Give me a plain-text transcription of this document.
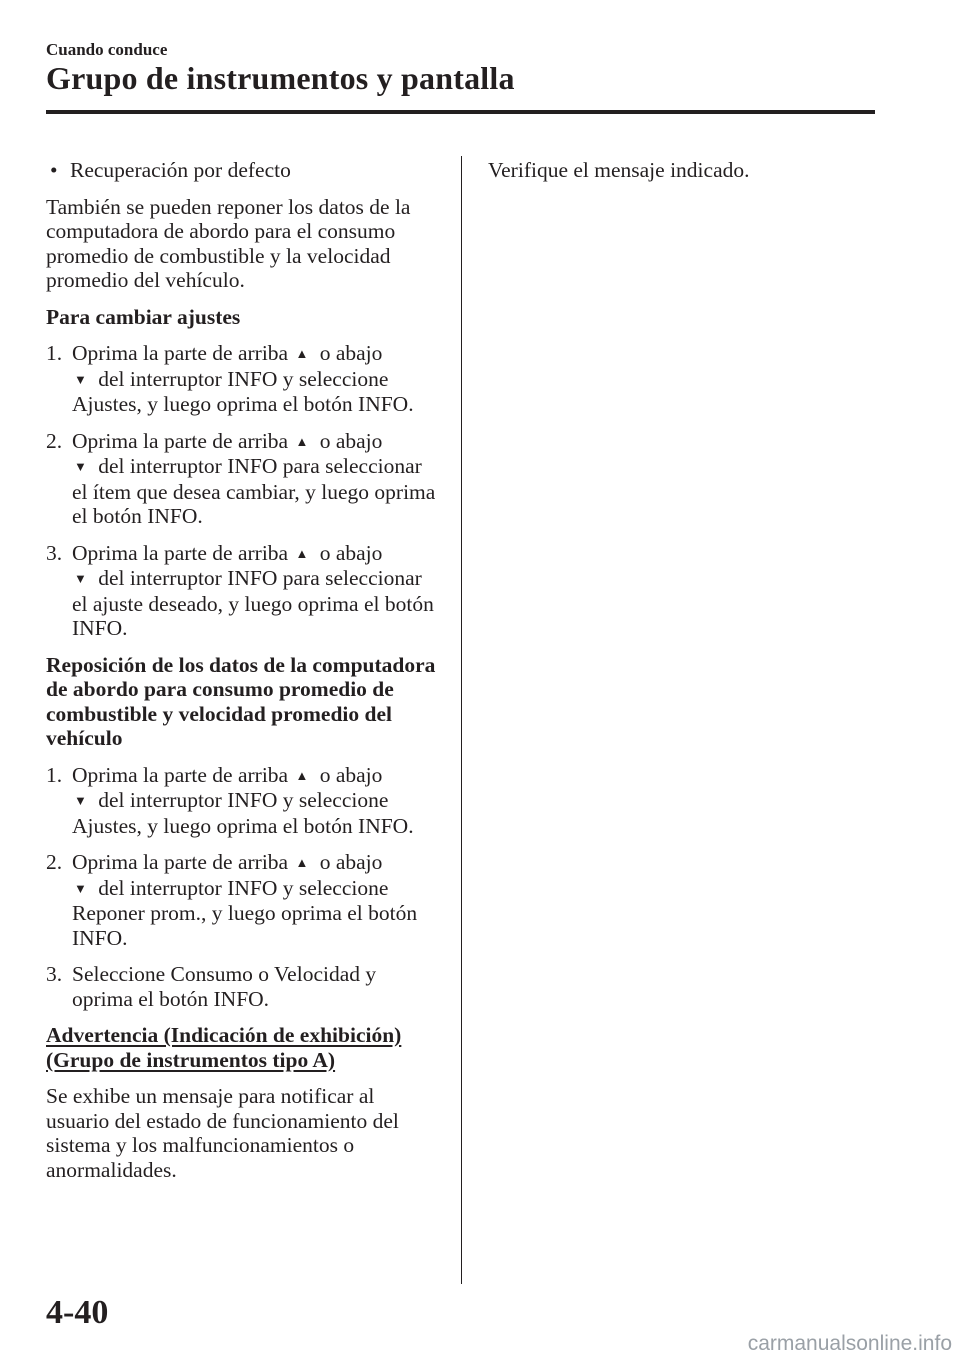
Cuando conduce
Grupo de instrumentos y pantalla
• Recuperación por defecto

También se pueden reponer los datos de la computadora de abordo para el consumo promedio de combustible y la velocidad promedio del vehículo.

Para cambiar ajustes
1. Oprima la parte de arriba ▲ o abajo
▼ del interruptor INFO y seleccione Ajustes, y luego oprima el botón INFO.
2. Oprima la parte de arriba ▲ o abajo
▼ del interruptor INFO para seleccionar el ítem que desea cambiar, y luego oprima el botón INFO.
3. Oprima la parte de arriba ▲ o abajo
▼ del interruptor INFO para seleccionar el ajuste deseado, y luego oprima el botón INFO.
Reposición de los datos de la computadora de abordo para consumo promedio de combustible y velocidad promedio del vehículo
1. Oprima la parte de arriba ▲ o abajo
▼ del interruptor INFO y seleccione Ajustes, y luego oprima el botón INFO.
2. Oprima la parte de arriba ▲ o abajo
▼ del interruptor INFO y seleccione Reponer prom., y luego oprima el botón INFO.
3. Seleccione Consumo o Velocidad y oprima el botón INFO.
Advertencia (Indicación de exhibición)
(Grupo de instrumentos tipo A)

Se exhibe un mensaje para notificar al usuario del estado de funcionamiento del sistema y los malfuncionamientos o anormalidades.

Verifique el mensaje indicado.

4-40
carmanualsonline.info
